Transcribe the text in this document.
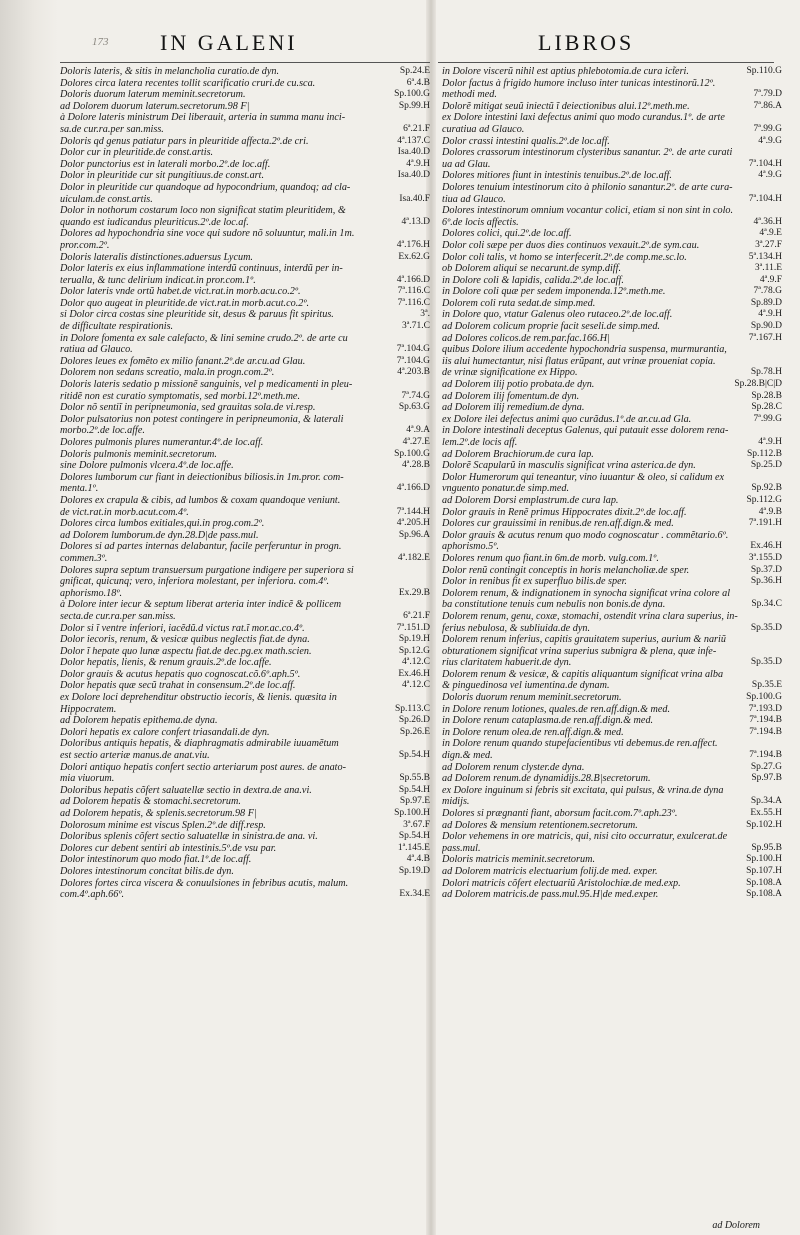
173 IN GALENI	LIBROS
Doloris lateris, & sitis in melancholia curatio.de dyn.	Sp.24.E
Dolores circa latera recentes tollit scarificatio cruri.de cu.sca.	6ª.4.B
Doloris duorum laterum meminit.secretorum.	Sp.100.G
ad Dolorem duorum laterum.secretorum.98 F|	Sp.99.H
à Dolore lateris ministrum Dei liberauit, arteria in summa manu inci-
sa.de cur.ra.per san.miss.	6ª.21.F
Doloris qd genus patiatur pars in pleuritide affecta.2º.de cri.	4ª.137.C
Dolor cur in pleuritide.de const.artis.	Isa.40.D
Dolor punctorius est in laterali morbo.2º.de loc.aff.	4ª.9.H
Dolor in pleuritide cur sit pungitiuus.de const.art.	Isa.40.D
Dolor in pleuritide cur quandoque ad hypocondrium, quandoq; ad cla-
uiculam.de const.artis.	Isa.40.F
Dolor in nothorum costarum loco non significat statim pleuritidem, &
quando est iudicandus pleuriticus.2º.de loc.af.	4ª.13.D
Dolores ad hypochondria sine voce qui sudore nõ soluuntur, mali.in 1m.
pror.com.2º.	4ª.176.H
Doloris lateralis distinctiones.aduersus Lycum.	Ex.62.G
Dolor lateris ex eius inflammatione interdũ continuus, interdũ per in-
terualla, & tunc delirium indicat.in pror.com.1º.	4ª.166.D
Dolor lateris vnde ortũ habet.de vict.rat.in morb.acu.co.2º.	7ª.116.C
Dolor quo augeat in pleuritide.de vict.rat.in morb.acut.co.2º.	7ª.116.C
si Dolor circa costas sine pleuritide sit, desus & paruus fit spiritus.	3ª.
de difficultate respirationis.	3ª.71.C
in Dolore fomenta ex sale calefacto, & lini semine crudo.2º. de arte cu
ratiua ad Glauco.	7ª.104.G
Dolores leues ex fomẽto ex milio fanant.2º.de ar.cu.ad Glau.	7ª.104.G
Dolorem non sedans screatio, mala.in progn.com.2º.	4ª.203.B
Doloris lateris sedatio p missionẽ sanguinis, vel p medicamenti in pleu-
ritidẽ non est curatio symptomatis, sed morbi.12º.meth.me.	7ª.74.G
Dolor nõ sentiĩ in peripneumonia, sed grauitas sola.de vi.resp.	Sp.63.G
Dolor pulsatorius non potest contingere in peripneumonia, & laterali
morbo.2º.de loc.affe.	4ª.9.A
Dolores pulmonis plures numerantur.4º.de loc.aff.	4ª.27.E
Doloris pulmonis meminit.secretorum.	Sp.100.G
sine Dolore pulmonis vlcera.4º.de loc.affe.	4ª.28.B
Dolores lumborum cur fiant in deiectionibus biliosis.in 1m.pror. com-
menta.1º.	4ª.166.D
Dolores ex crapula & cibis, ad lumbos & coxam quandoque veniunt.
de vict.rat.in morb.acut.com.4º.	7ª.144.H
Dolores circa lumbos exitiales,qui.in prog.com.2º.	4ª.205.H
ad Dolorem lumborum.de dyn.28.D|de pass.mul.	Sp.96.A
Dolores si ad partes internas delabantur, facile perferuntur in progn.
commen.3º.	4ª.182.E
Dolores supra septum transuersum purgatione indigere per superiora si
gnificat, quicunq; vero, inferiora molestant, per inferiora. com.4º.
aphorismo.18º.	Ex.29.B
à Dolore inter iecur & septum liberat arteria inter indicẽ & pollicem
secta.de cur.ra.per san.miss.	6ª.21.F
Dolor si ĩ ventre inferiori, iacẽdũ.d victus rat.ĩ mor.ac.co.4º.	7ª.151.D
Dolor iecoris, renum, & vesicæ quibus neglectis fiat.de dyna.	Sp.19.H
Dolor ĩ hepate quo lunæ aspectu fiat.de dec.pg.ex math.scien.	Sp.12.G
Dolor hepatis, lienis, & renum grauis.2º.de loc.affe.	4ª.12.C
Dolor grauis & acutus hepatis quo cognoscat.cõ.6º.aph.5º.	Ex.46.H
Dolor hepatis quæ secũ trahat in consensum.2º.de loc.aff.	4ª.12.C
ex Dolore loci deprehenditur obstructio iecoris, & lienis. quæsita in
Hippocratem.	Sp.113.C
ad Dolorem hepatis epithema.de dyna.	Sp.26.D
Dolori hepatis ex calore confert triasandali.de dyn.	Sp.26.E
Doloribus antiquis hepatis, & diaphragmatis admirabile iuuamẽtum
est sectio arteriæ manus.de anat.viu.	Sp.54.H
Dolori antiquo hepatis confert sectio arteriarum post aures. de anato-
mia viuorum.	Sp.55.B
Doloribus hepatis cõfert saluatellæ sectio in dextra.de ana.vi.	Sp.54.H
ad Dolorem hepatis & stomachi.secretorum.	Sp.97.E
ad Dolorem hepatis, & splenis.secretorum.98 F|	Sp.100.H
Dolorosum minime est viscus Splen.2º.de diff.resp.	3ª.67.F
Doloribus splenis cõfert sectio saluatellæ in sinistra.de ana. vi.	Sp.54.H
Dolores cur debent sentiri ab intestinis.5º.de vsu par.	1ª.145.E
Dolor intestinorum quo modo fiat.1º.de loc.aff.	4ª.4.B
Dolores intestinorum concitat bilis.de dyn.	Sp.19.D
Dolores fortes circa viscera & conuulsiones in febribus acutis, malum.
com.4º.aph.66º.	Ex.34.E
in Dolore viscerũ nihil est aptius phlebotomia.de cura ict̃eri.	Sp.110.G
Dolor factus à frigido humore incluso inter tunicas intestinorũ.12º.
methodi med.	7ª.79.D
Dolorẽ mitigat seuũ iniectũ ĩ deiectionibus alui.12º.meth.me.	7ª.86.A
ex Dolore intestini laxi defectus animi quo modo curandus.1º. de arte
curatiua ad Glauco.	7ª.99.G
Dolor crassi intestini qualis.2º.de loc.aff.	4ª.9.G
Dolores crassorum intestinorum clysteribus sanantur. 2º. de arte curati
ua ad Glau.	7ª.104.H
Dolores mitiores fiunt in intestinis tenuibus.2º.de loc.aff.	4ª.9.G
Dolores tenuium intestinorum cito à philonio sanantur.2º. de arte cura-
tiua ad Glauco.	7ª.104.H
Dolores intestinorum omnium vocantur colici, etiam si non sint in colo.
6º.de locis affectis.	4ª.36.H
Dolores colici, qui.2º.de loc.aff.	4ª.9.E
Dolor coli sæpe per duos dies continuos vexauit.2º.de sym.cau.	3ª.27.F
Dolor coli talis, vt homo se interfecerit.2º.de comp.me.sc.lo.	5ª.134.H
ob Dolorem aliqui se necarunt.de symp.diff.	3ª.11.E
in Dolore coli & lapidis, calida.2º.de loc.aff.	4ª.9.F
in Dolore coli quæ per sedem imponenda.12º.meth.me.	7ª.78.G
Dolorem coli ruta sedat.de simp.med.	Sp.89.D
in Dolore quo, vtatur Galenus oleo rutaceo.2º.de loc.aff.	4ª.9.H
ad Dolorem colicum proprie facit seseli.de simp.med.	Sp.90.D
ad Dolores colicos.de rem.par.fac.166.H|	7ª.167.H
quibus Dolore ilium accedente hypochondria suspensa, murmurantia,
iis alui humectantur, nisi flatus erũpant, aut vrinæ proueniat copia.
de vrinæ significatione ex Hippo.	Sp.78.H
ad Dolorem ilij potio probata.de dyn.	Sp.28.B|C|D
ad Dolorem ilij fomentum.de dyn.	Sp.28.B
ad Dolorem ilij remedium.de dyna.	Sp.28.C
ex Dolore ilei defectus animi quo curãdus.1º.de ar.cu.ad Gla.	7ª.99.G
in Dolore intestinali deceptus Galenus, qui putauit esse dolorem rena-
lem.2º.de locis aff.	4ª.9.H
ad Dolorem Brachiorum.de cura lap.	Sp.112.B
Dolorẽ Scapularũ in masculis significat vrina asterica.de dyn.	Sp.25.D
Dolor Humerorum qui teneantur, vino iuuantur & oleo, si calidum ex
vnguento ponatur.de simp.med.	Sp.92.B
ad Dolorem Dorsi emplastrum.de cura lap.	Sp.112.G
Dolor grauis in Renẽ primus Hippocrates dixit.2º.de loc.aff.	4ª.9.B
Dolores cur grauissimi in renibus.de ren.aff.dign.& med.	7ª.191.H
Dolor grauis & acutus renum quo modo cognoscatur . commẽtario.6º.
aphorismo.5º.	Ex.46.H
Dolores renum quo fiant.in 6m.de morb. vulg.com.1º.	3ª.155.D
Dolor renũ contingit conceptis in horis melancholiæ.de sper.	Sp.37.D
Dolor in renibus fit ex superfluo bilis.de sper.	Sp.36.H
Dolorem renum, & indignationem in synocha significat vrina colore al
ba constitutione tenuis cum nebulis non bonis.de dyna.	Sp.34.C
Dolorem renum, genu, coxæ, stomachi, ostendit vrina clara superius, in-
ferius nebulosa, & subliuida.de dyn.	Sp.35.D
Dolorem renum inferius, capitis grauitatem superius, aurium & nariũ
obturationem significat vrina superius subnigra & plena, quæ infe-
rius claritatem habuerit.de dyn.	Sp.35.D
Dolorem renum & vesicæ, & capitis aliquantum significat vrina alba
& pinguedinosa vel iumentina.de dynam.	Sp.35.E
Doloris duorum renum meminit.secretorum.	Sp.100.G
in Dolore renum lotiones, quales.de ren.aff.dign.& med.	7ª.193.D
in Dolore renum cataplasma.de ren.aff.dign.& med.	7ª.194.B
in Dolore renum olea.de ren.aff.dign.& med.	7ª.194.B
in Dolore renum quando stupefacientibus vti debemus.de ren.affect.
dign.& med.	7ª.194.B
ad Dolorem renum clyster.de dyna.	Sp.27.G
ad Dolorem renum.de dynamidijs.28.B|secretorum.	Sp.97.B
ex Dolore inguinum si febris sit excitata, qui pulsus, & vrina.de dyna
midijs.	Sp.34.A
Dolores si prægnanti fiant, aborsum facit.com.7º.aph.23º.	Ex.55.H
ad Dolores & mensium retentionem.secretorum.	Sp.102.H
Dolor vehemens in ore matricis, qui, nisi cito occurratur, exulcerat.de
pass.mul.	Sp.95.B
Doloris matricis meminit.secretorum.	Sp.100.H
ad Dolorem matricis electuarium folij.de med. exper.	Sp.107.H
Dolori matricis cõfert electuariũ Aristolochiæ.de med.exp.	Sp.108.A
ad Dolorem matricis.de pass.mul.95.H|de med.exper.	Sp.108.A
ad Dolorem
